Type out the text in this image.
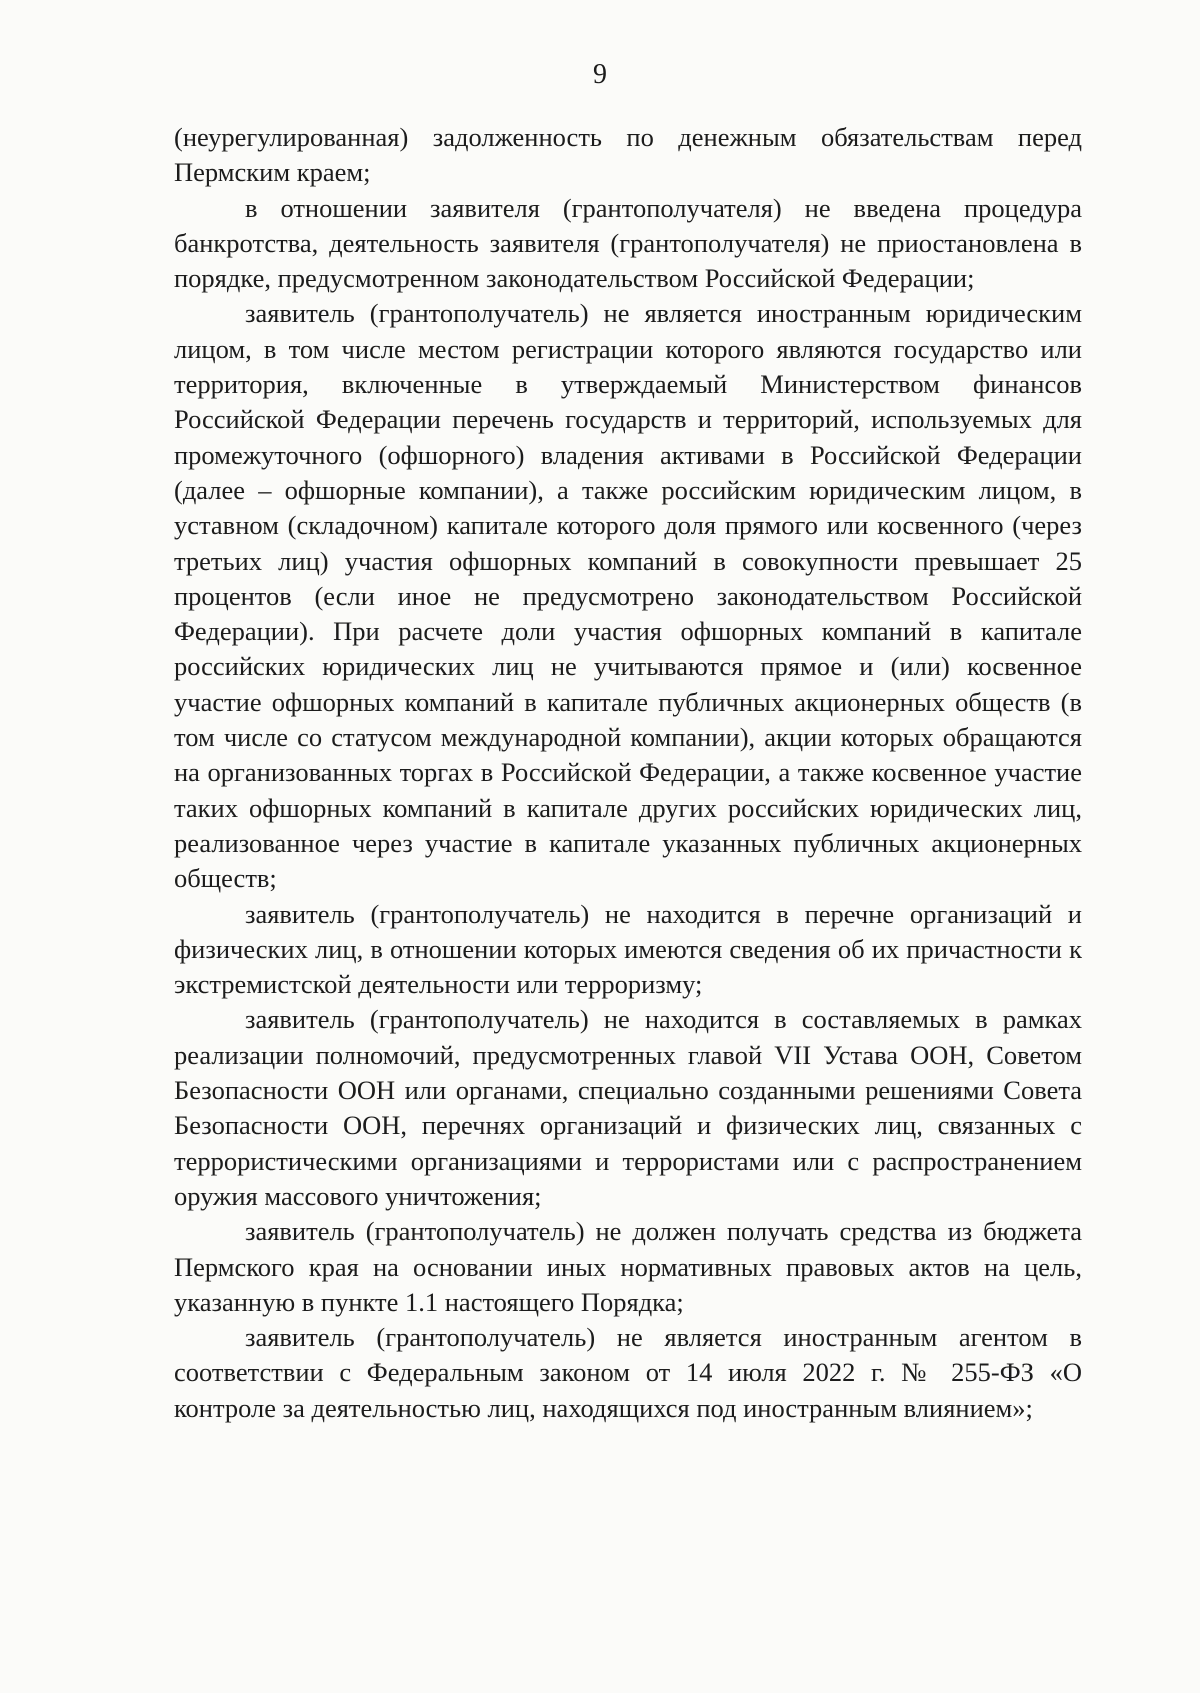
9

(неурегулированная) задолженность по денежным обязательствам перед Пермским краем;

в отношении заявителя (грантополучателя) не введена процедура банкротства, деятельность заявителя (грантополучателя) не приостановлена в порядке, предусмотренном законодательством Российской Федерации;

заявитель (грантополучатель) не является иностранным юридическим лицом, в том числе местом регистрации которого являются государство или территория, включенные в утверждаемый Министерством финансов Российской Федерации перечень государств и территорий, используемых для промежуточного (офшорного) владения активами в Российской Федерации (далее – офшорные компании), а также российским юридическим лицом, в уставном (складочном) капитале которого доля прямого или косвенного (через третьих лиц) участия офшорных компаний в совокупности превышает 25 процентов (если иное не предусмотрено законодательством Российской Федерации). При расчете доли участия офшорных компаний в капитале российских юридических лиц не учитываются прямое и (или) косвенное участие офшорных компаний в капитале публичных акционерных обществ (в том числе со статусом международной компании), акции которых обращаются на организованных торгах в Российской Федерации, а также косвенное участие таких офшорных компаний в капитале других российских юридических лиц, реализованное через участие в капитале указанных публичных акционерных обществ;

заявитель (грантополучатель) не находится в перечне организаций и физических лиц, в отношении которых имеются сведения об их причастности к экстремистской деятельности или терроризму;

заявитель (грантополучатель) не находится в составляемых в рамках реализации полномочий, предусмотренных главой VII Устава ООН, Советом Безопасности ООН или органами, специально созданными решениями Совета Безопасности ООН, перечнях организаций и физических лиц, связанных с террористическими организациями и террористами или с распространением оружия массового уничтожения;

заявитель (грантополучатель) не должен получать средства из бюджета Пермского края на основании иных нормативных правовых актов на цель, указанную в пункте 1.1 настоящего Порядка;

заявитель (грантополучатель) не является иностранным агентом в соответствии с Федеральным законом от 14 июля 2022 г. № 255-ФЗ «О контроле за деятельностью лиц, находящихся под иностранным влиянием»;
